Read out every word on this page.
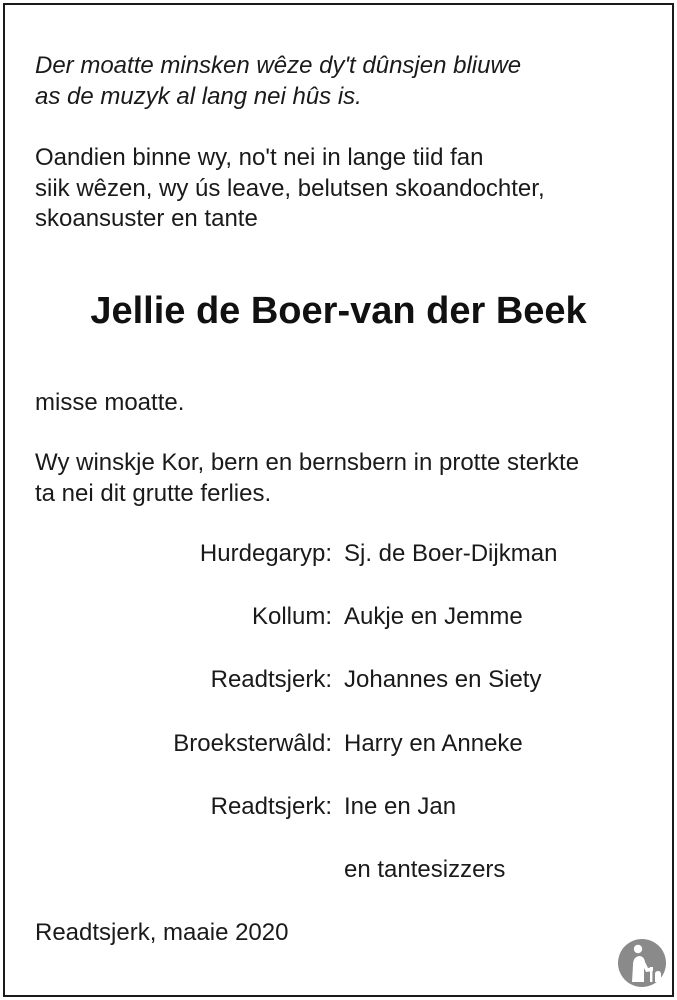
Der moatte minsken wêze dy't dûnsjen bliuwe
as de muzyk al lang nei hûs is.
Oandien binne wy, no't nei in lange tiid fan
siik wêzen, wy ús leave, belutsen skoandochter,
skoansuster en tante
Jellie de Boer-van der Beek
misse moatte.
Wy winskje Kor, bern en bernsbern in protte sterkte
ta nei dit grutte ferlies.
Hurdegaryp: Sj. de Boer-Dijkman
Kollum: Aukje en Jemme
Readtsjerk: Johannes en Siety
Broeksterwâld: Harry en Anneke
Readtsjerk: Ine en Jan
en tantesizzers
Readtsjerk, maaie 2020
